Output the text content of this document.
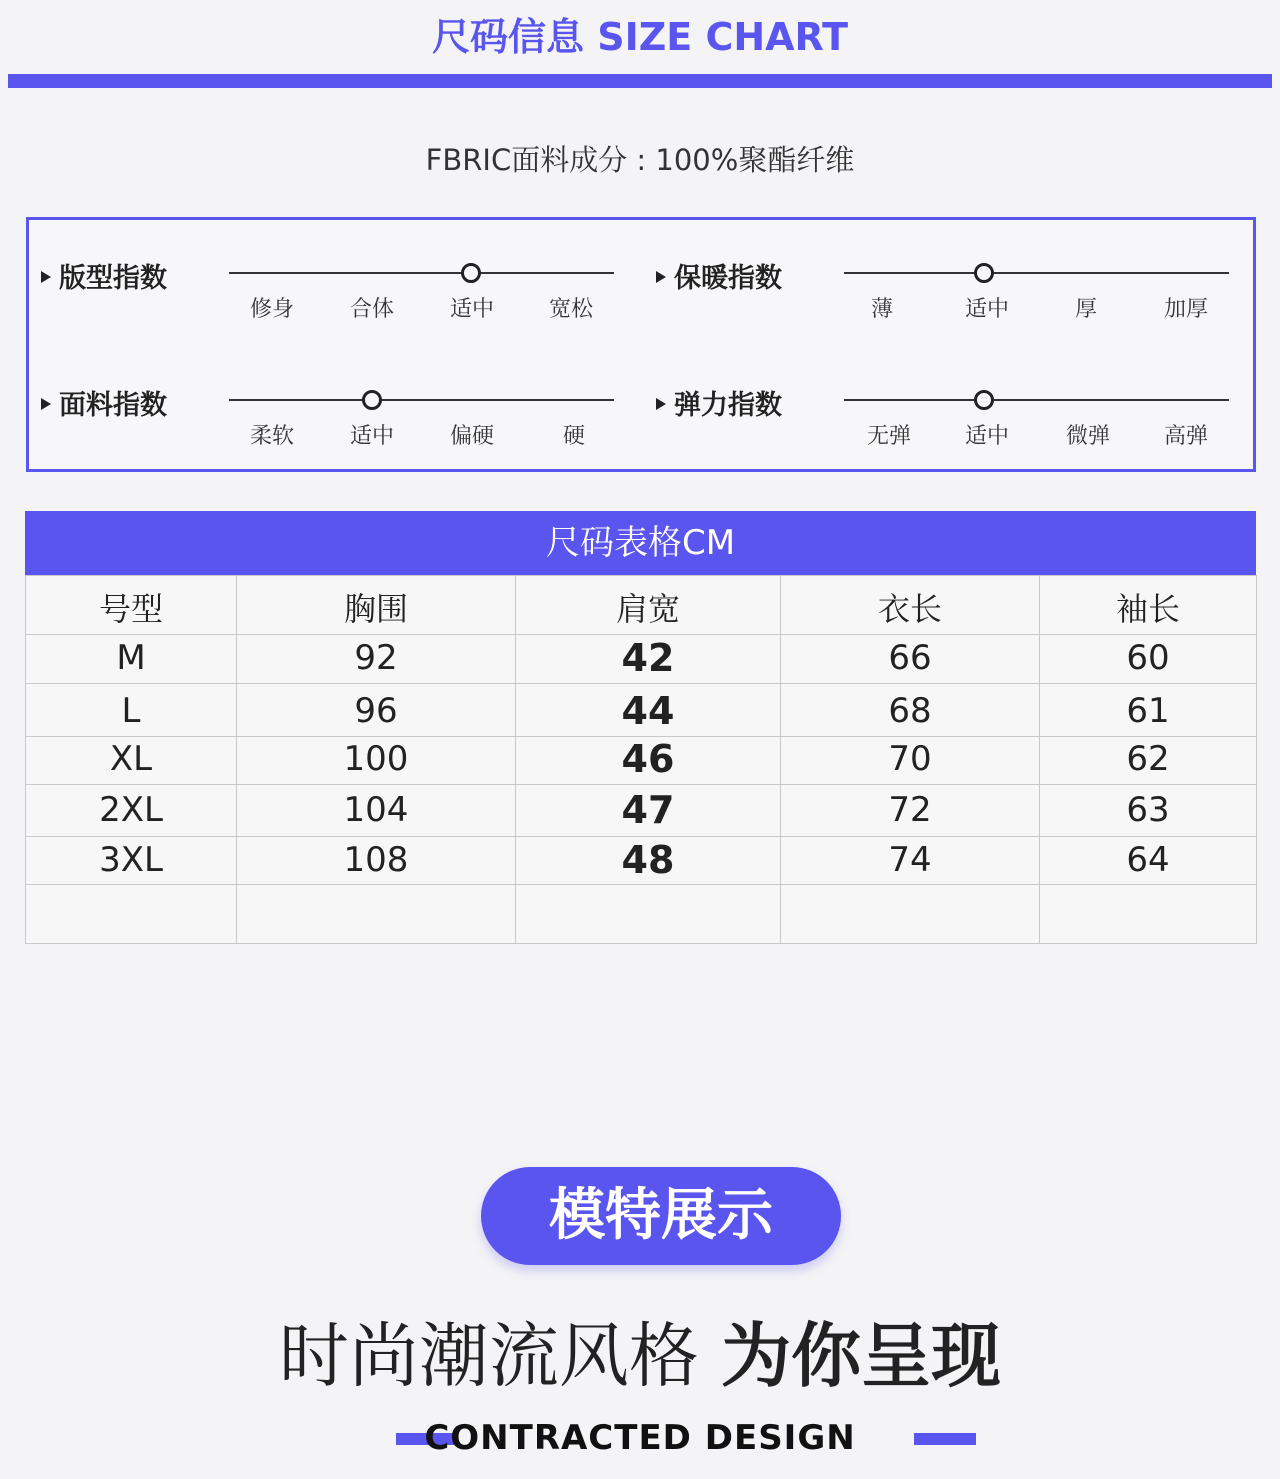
尺码信息 SIZE CHART
FBRIC面料成分 : 100%聚酯纤维
版型指数
修身	合体	适中	宽松
保暖指数
薄	适中	厚	加厚
面料指数
柔软	适中	偏硬	硬
弹力指数
无弹	适中	微弹	高弹
尺码表格CM
号型	胸围	肩宽	衣长	袖长
M	92	42	66	60
L	96	44	68	61
XL	100	46	70	62
2XL	104	47	72	63
3XL	108	48	74	64
模特展示
时尚潮流风格 为你呈现
CONTRACTED DESIGN
